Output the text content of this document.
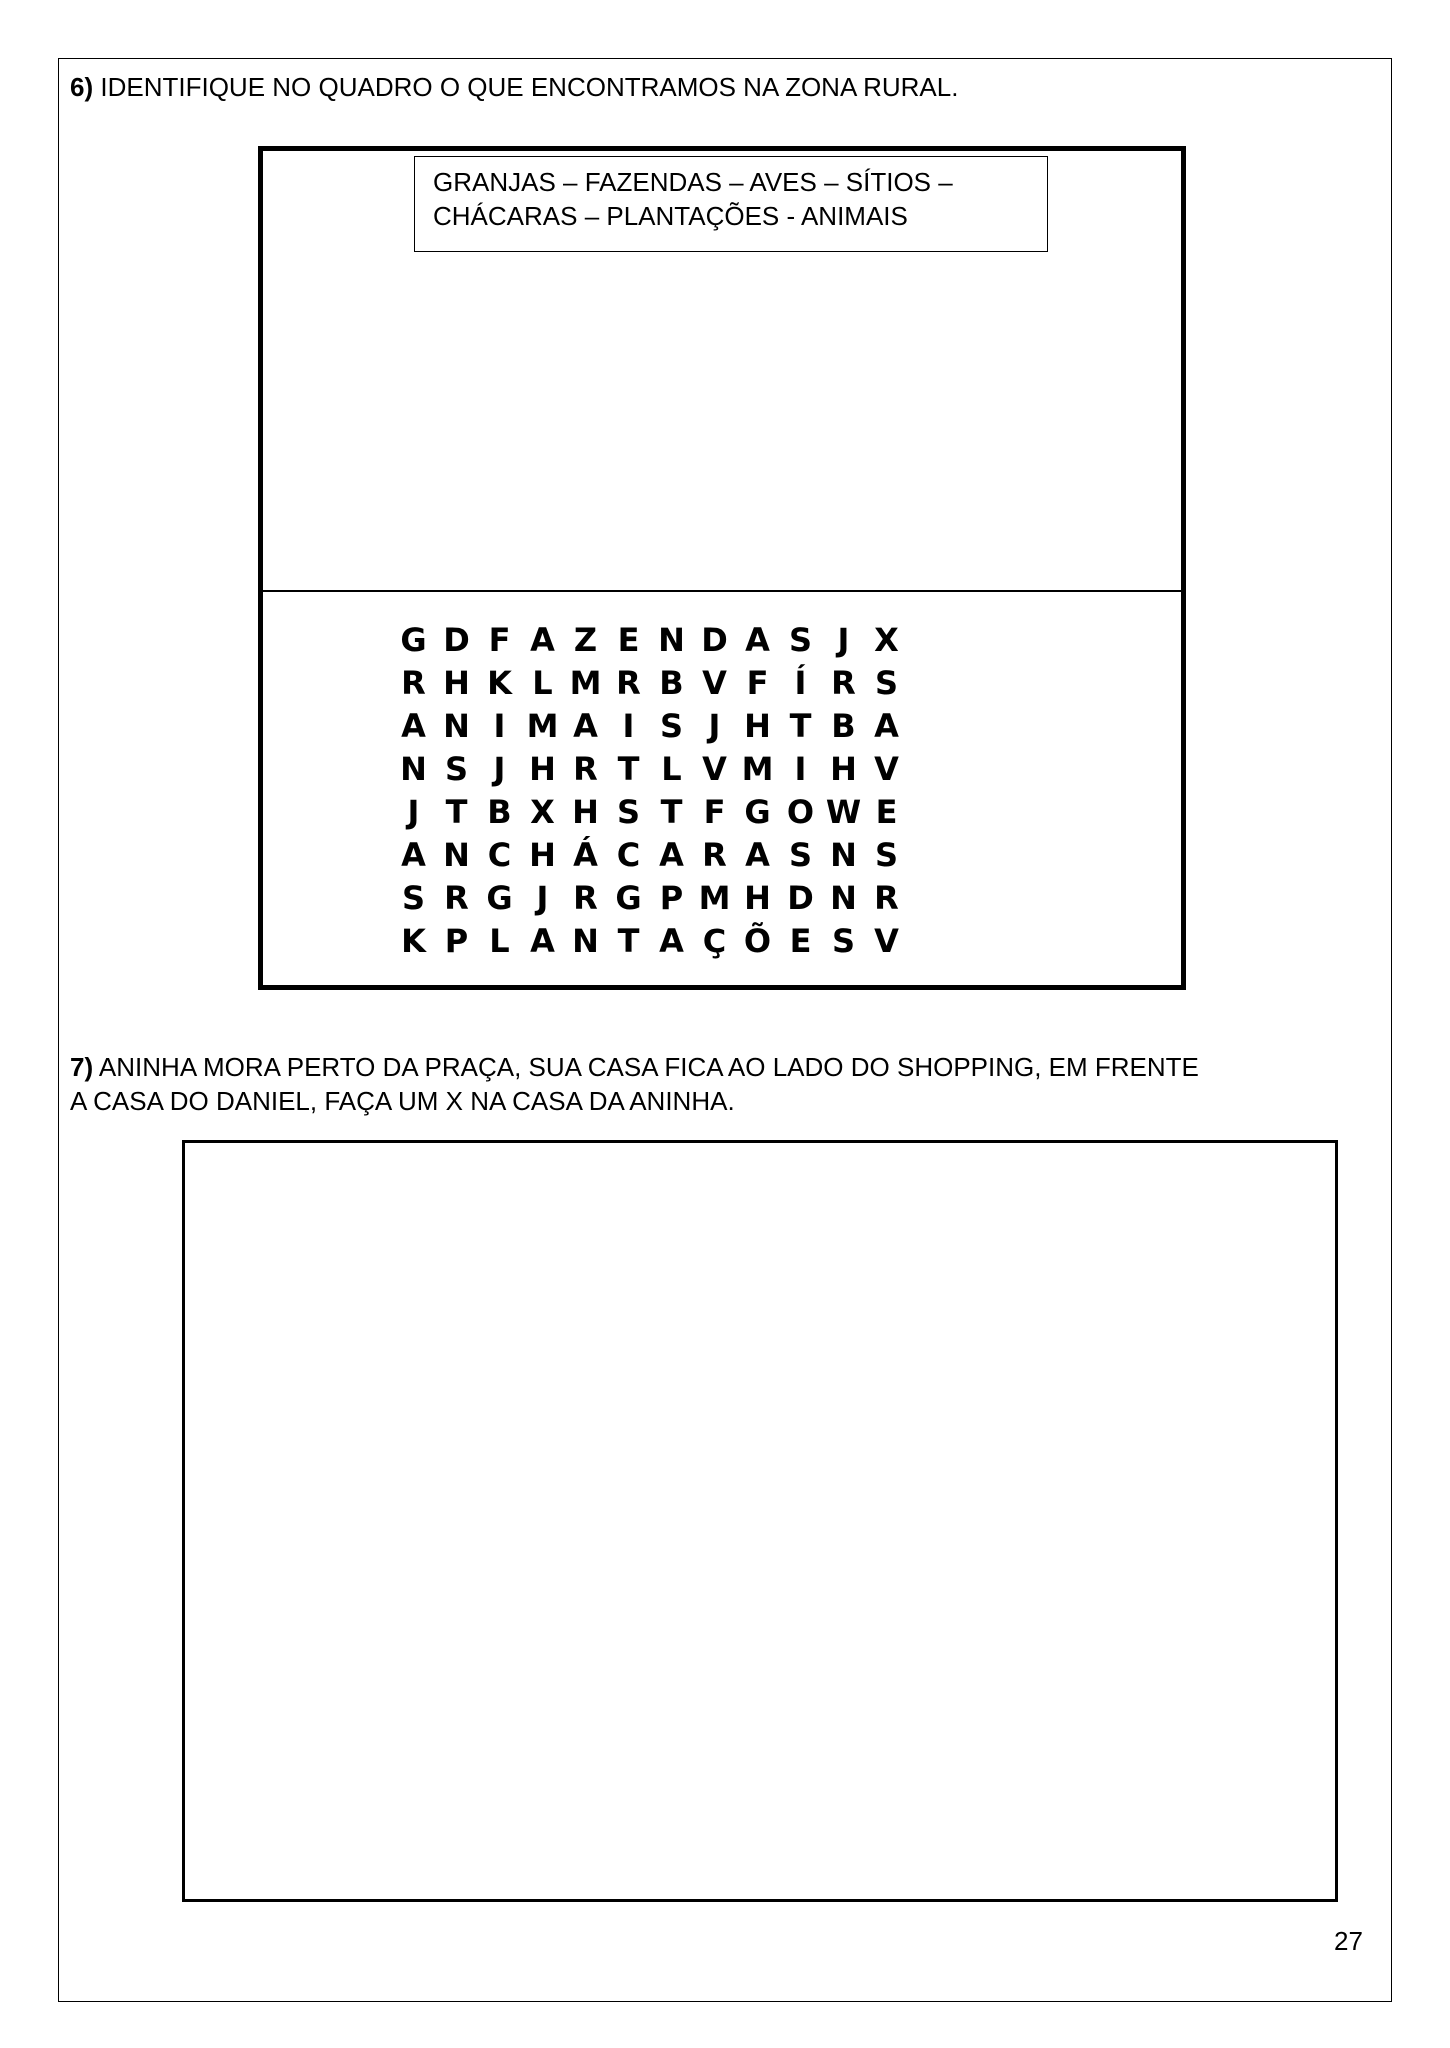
6) IDENTIFIQUE NO QUADRO O QUE ENCONTRAMOS NA ZONA RURAL.
GRANJAS – FAZENDAS – AVES – SÍTIOS –
CHÁCARAS – PLANTAÇÕES - ANIMAIS
G D F A Z E N D A S J X
R H K L M R B V F Í R S
A N I M A I S J H T B A
N S J H R T L V M I H V
J T B X H S T F G O W E
A N C H Á C A R A S N S
S R G J R G P M H D N R
K P L A N T A Ç Õ E S V
7) ANINHA MORA PERTO DA PRAÇA, SUA CASA FICA AO LADO DO SHOPPING, EM FRENTE
A CASA DO DANIEL, FAÇA UM X NA CASA DA ANINHA.
27
